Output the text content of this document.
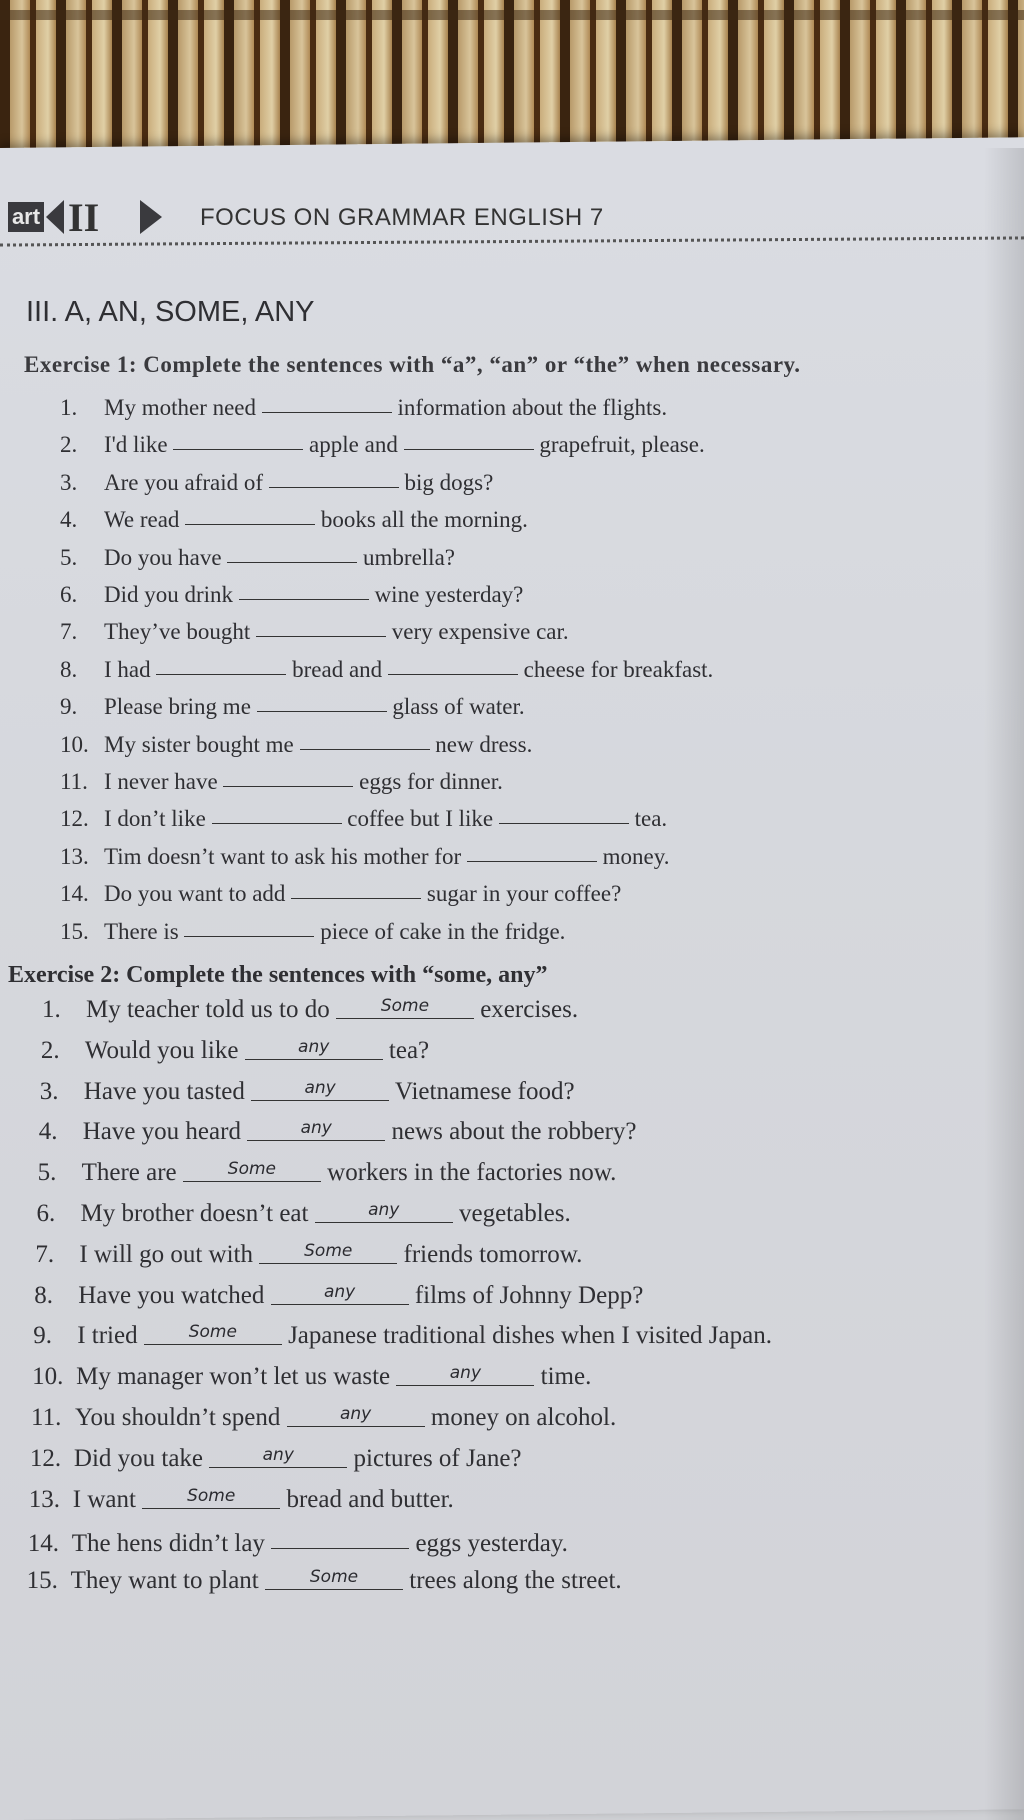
art II	FOCUS ON GRAMMAR ENGLISH 7
III. A, AN, SOME, ANY
Exercise 1: Complete the sentences with “a”, “an” or “the” when necessary.
1. My mother need	information about the flights.
2. I'd like	apple and	grapefruit, please.
3. Are you afraid of	big dogs?
4. We read	books all the morning.
5. Do you have	umbrella?
6. Did you drink	wine yesterday?
7. They’ve bought	very expensive car.
8. I had	bread and	cheese for breakfast.
9. Please bring me	glass of water.
10. My sister bought me	new dress.
11. I never have	eggs for dinner.
12. I don’t like	coffee but I like	tea.
13. Tim doesn’t want to ask his mother for	money.
14. Do you want to add	sugar in your coffee?
15. There is	piece of cake in the fridge.
Exercise 2: Complete the sentences with “some, any”
1. My teacher told us to do	Some exercises.
2. Would you like	any tea?
3. Have you tasted	any Vietnamese food?
4. Have you heard	any news about the robbery?
5. There are	Some workers in the factories now.
6. My brother doesn’t eat	any vegetables.
7. I will go out with	Some friends tomorrow.
8. Have you watched	any films of Johnny Depp?
9. I tried	Some Japanese traditional dishes when I visited Japan.
10. My manager won’t let us waste	any time.
11. You shouldn’t spend	any money on alcohol.
12. Did you take	any pictures of Jane?
13. I want	Some bread and butter.
14. The hens didn’t lay	eggs yesterday.
15. They want to plant	Some trees along the street.
